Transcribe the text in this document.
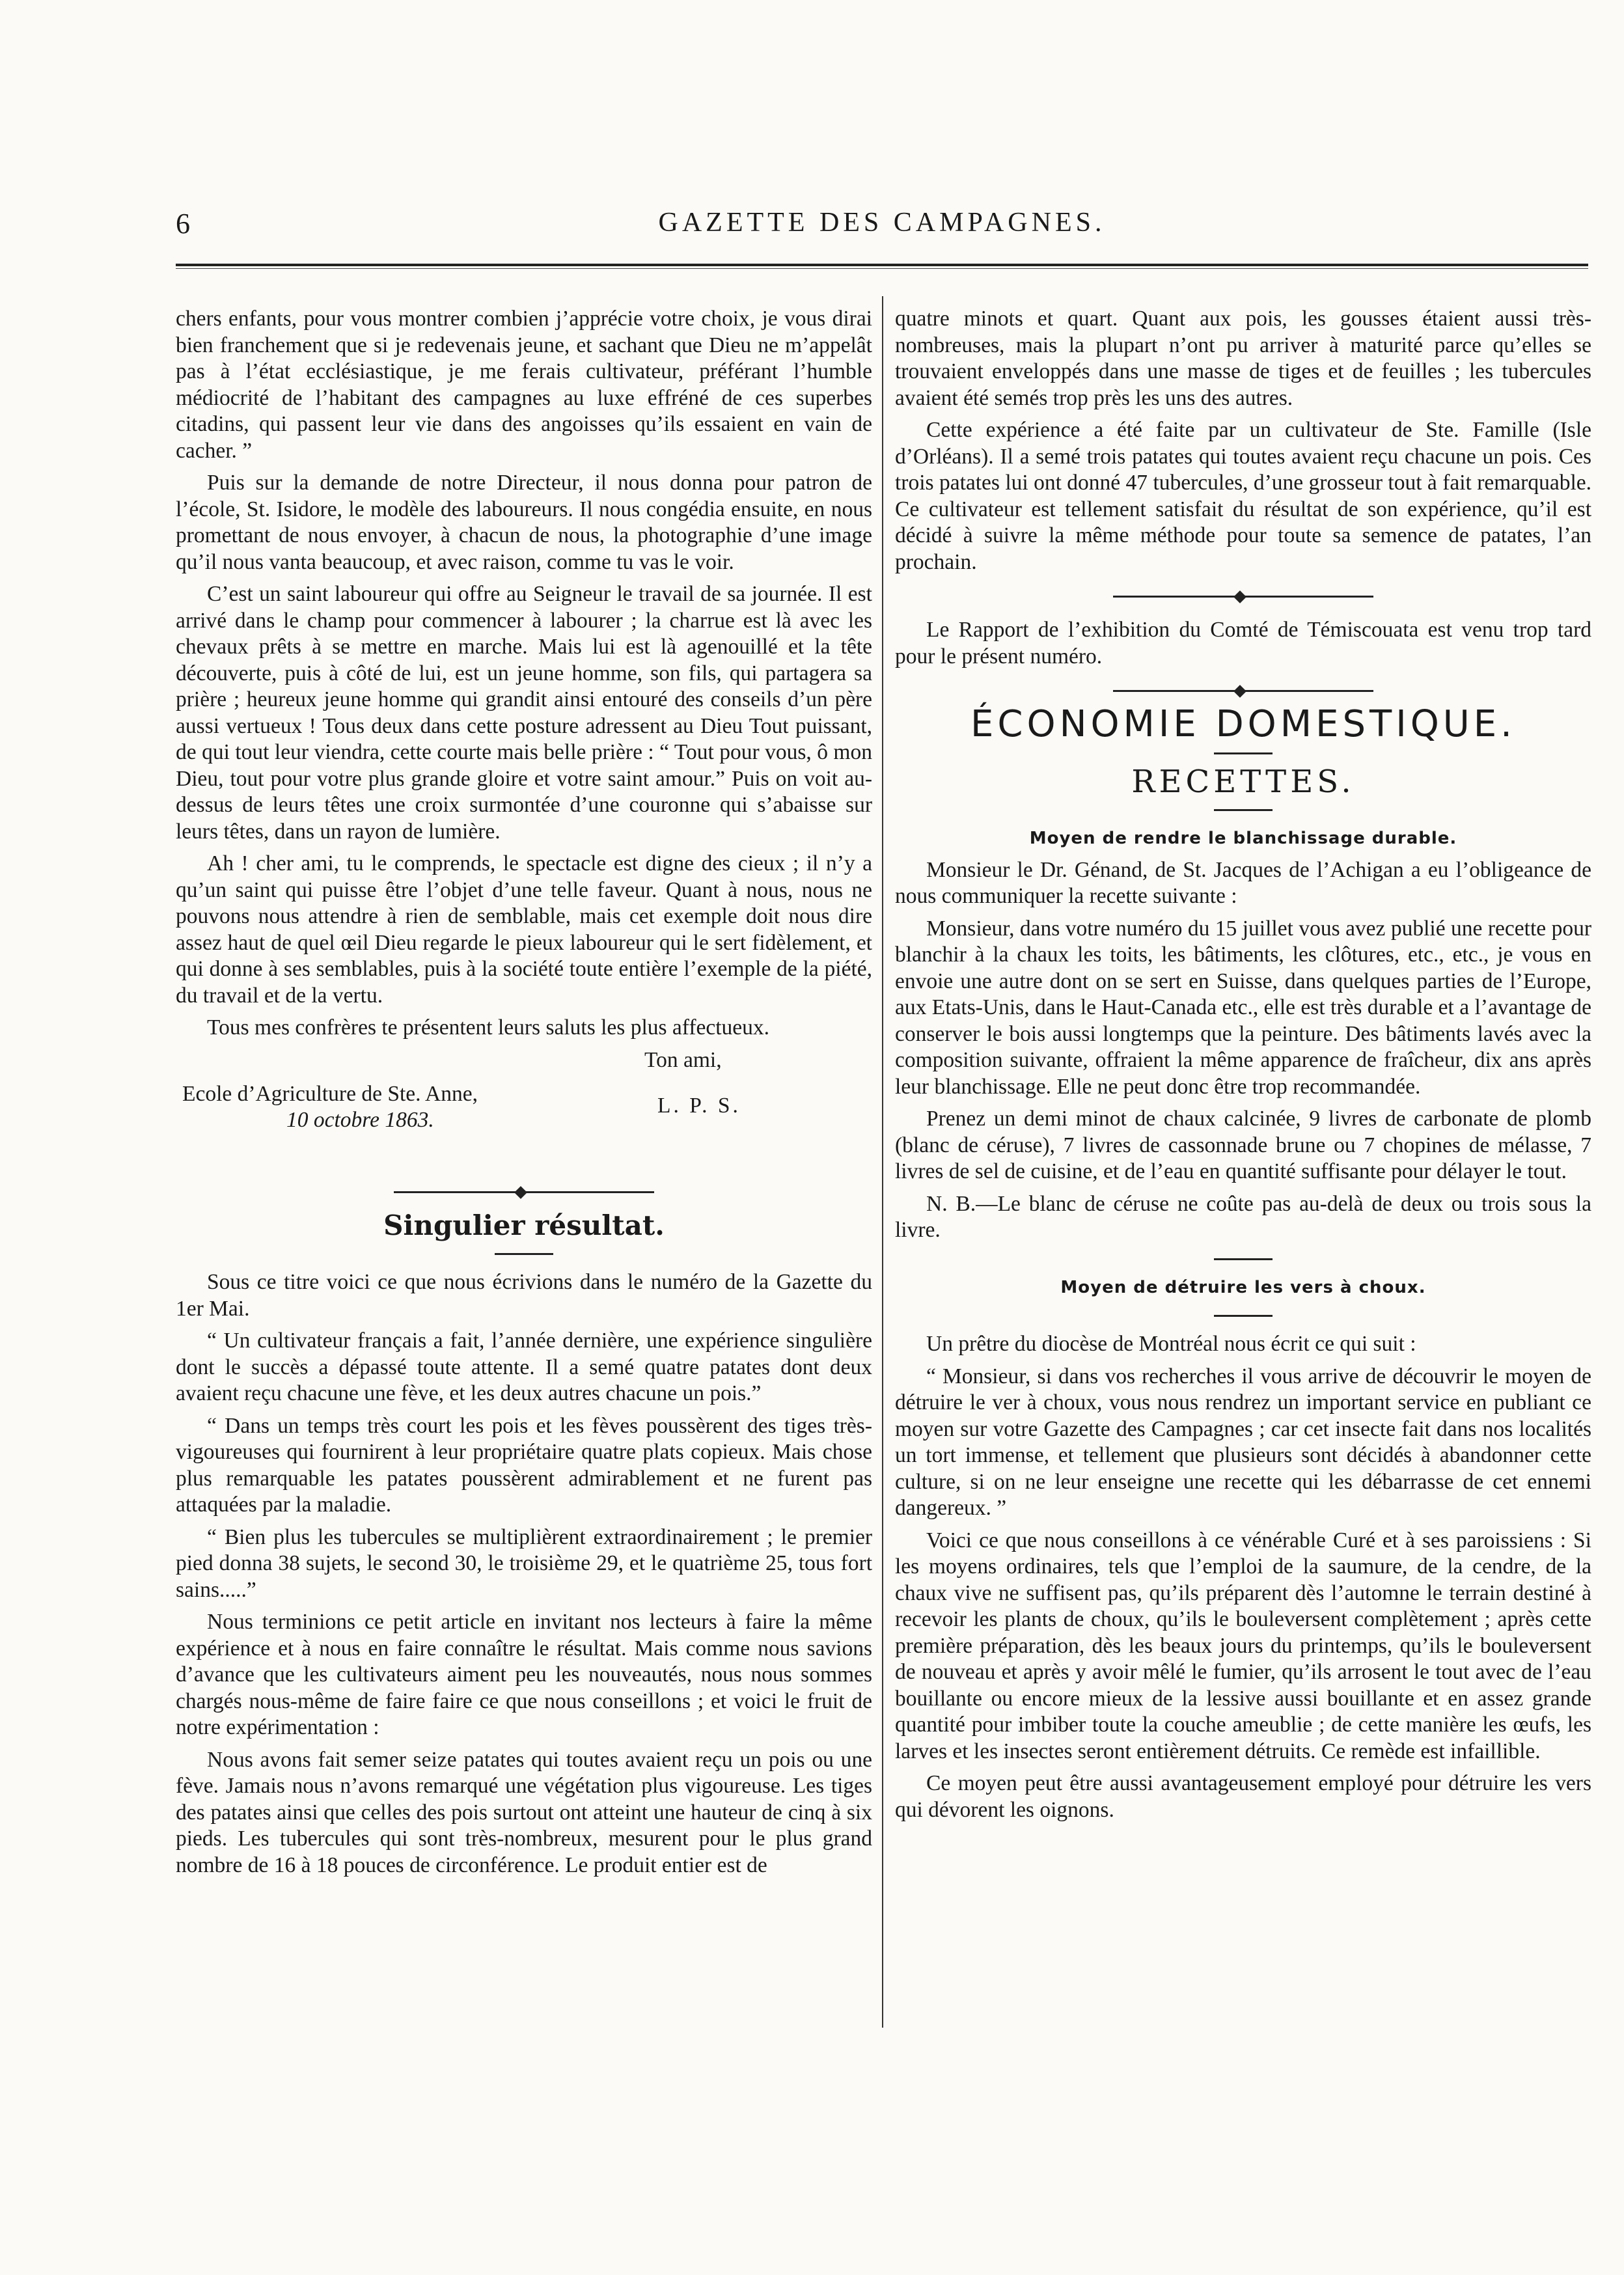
GAZETTE DES CAMPAGNES.
6

chers enfants, pour vous montrer combien j’apprécie votre choix, je vous dirai bien franchement que si je redevenais jeune, et sachant que Dieu ne m’appelât pas à l’état ecclésiastique, je me ferais cultivateur, préférant l’humble médiocrité de l’habitant des campagnes au luxe effréné de ces superbes citadins, qui passent leur vie dans des angoisses qu’ils essaient en vain de cacher. ”

Puis sur la demande de notre Directeur, il nous donna pour patron de l’école, St. Isidore, le modèle des laboureurs. Il nous congédia ensuite, en nous promettant de nous envoyer, à chacun de nous, la photographie d’une image qu’il nous vanta beaucoup, et avec raison, comme tu vas le voir.

C’est un saint laboureur qui offre au Seigneur le travail de sa journée. Il est arrivé dans le champ pour commencer à labourer ; la charrue est là avec les chevaux prêts à se mettre en marche. Mais lui est là agenouillé et la tête découverte, puis à côté de lui, est un jeune homme, son fils, qui partagera sa prière ; heureux jeune homme qui grandit ainsi entouré des conseils d’un père aussi vertueux ! Tous deux dans cette posture adressent au Dieu Tout puissant, de qui tout leur viendra, cette courte mais belle prière : “ Tout pour vous, ô mon Dieu, tout pour votre plus grande gloire et votre saint amour.” Puis on voit au-dessus de leurs têtes une croix surmontée d’une couronne qui s’abaisse sur leurs têtes, dans un rayon de lumière.

Ah ! cher ami, tu le comprends, le spectacle est digne des cieux ; il n’y a qu’un saint qui puisse être l’objet d’une telle faveur. Quant à nous, nous ne pouvons nous attendre à rien de semblable, mais cet exemple doit nous dire assez haut de quel œil Dieu regarde le pieux laboureur qui le sert fidèlement, et qui donne à ses semblables, puis à la société toute entière l’exemple de la piété, du travail et de la vertu.

Tous mes confrères te présentent leurs saluts les plus affectueux.

Ton ami,
Ecole d’Agriculture de Ste. Anne,
10 octobre 1863.
L. P. S.
Singulier résultat.

Sous ce titre voici ce que nous écrivions dans le numéro de la Gazette du 1er Mai.

“ Un cultivateur français a fait, l’année dernière, une expérience singulière dont le succès a dépassé toute attente. Il a semé quatre patates dont deux avaient reçu chacune une fève, et les deux autres chacune un pois.”

“ Dans un temps très court les pois et les fèves poussèrent des tiges très-vigoureuses qui fournirent à leur propriétaire quatre plats copieux. Mais chose plus remarquable les patates poussèrent admirablement et ne furent pas attaquées par la maladie.

“ Bien plus les tubercules se multiplièrent extraordinairement ; le premier pied donna 38 sujets, le second 30, le troisième 29, et le quatrième 25, tous fort sains.....”

Nous terminions ce petit article en invitant nos lecteurs à faire la même expérience et à nous en faire connaître le résultat. Mais comme nous savions d’avance que les cultivateurs aiment peu les nouveautés, nous nous sommes chargés nous-même de faire faire ce que nous conseillons ; et voici le fruit de notre expérimentation :

Nous avons fait semer seize patates qui toutes avaient reçu un pois ou une fève. Jamais nous n’avons remarqué une végétation plus vigoureuse. Les tiges des patates ainsi que celles des pois surtout ont atteint une hauteur de cinq à six pieds. Les tubercules qui sont très-nombreux, mesurent pour le plus grand nombre de 16 à 18 pouces de circonférence. Le produit entier est de

quatre minots et quart. Quant aux pois, les gousses étaient aussi très-nombreuses, mais la plupart n’ont pu arriver à maturité parce qu’elles se trouvaient enveloppés dans une masse de tiges et de feuilles ; les tubercules avaient été semés trop près les uns des autres.

Cette expérience a été faite par un cultivateur de Ste. Famille (Isle d’Orléans). Il a semé trois patates qui toutes avaient reçu chacune un pois. Ces trois patates lui ont donné 47 tubercules, d’une grosseur tout à fait remarquable. Ce cultivateur est tellement satisfait du résultat de son expérience, qu’il est décidé à suivre la même méthode pour toute sa semence de patates, l’an prochain.

Le Rapport de l’exhibition du Comté de Témiscouata est venu trop tard pour le présent numéro.

ÉCONOMIE DOMESTIQUE.
RECETTES.
Moyen de rendre le blanchissage durable.

Monsieur le Dr. Génand, de St. Jacques de l’Achigan a eu l’obligeance de nous communiquer la recette suivante :

Monsieur, dans votre numéro du 15 juillet vous avez publié une recette pour blanchir à la chaux les toits, les bâtiments, les clôtures, etc., etc., je vous en envoie une autre dont on se sert en Suisse, dans quelques parties de l’Europe, aux Etats-Unis, dans le Haut-Canada etc., elle est très durable et a l’avantage de conserver le bois aussi longtemps que la peinture. Des bâtiments lavés avec la composition suivante, offraient la même apparence de fraîcheur, dix ans après leur blanchissage. Elle ne peut donc être trop recommandée.

Prenez un demi minot de chaux calcinée, 9 livres de carbonate de plomb (blanc de céruse), 7 livres de cassonnade brune ou 7 chopines de mélasse, 7 livres de sel de cuisine, et de l’eau en quantité suffisante pour délayer le tout.

N. B.—Le blanc de céruse ne coûte pas au-delà de deux ou trois sous la livre.

Moyen de détruire les vers à choux.

Un prêtre du diocèse de Montréal nous écrit ce qui suit :

“ Monsieur, si dans vos recherches il vous arrive de découvrir le moyen de détruire le ver à choux, vous nous rendrez un important service en publiant ce moyen sur votre Gazette des Campagnes ; car cet insecte fait dans nos localités un tort immense, et tellement que plusieurs sont décidés à abandonner cette culture, si on ne leur enseigne une recette qui les débarrasse de cet ennemi dangereux. ”

Voici ce que nous conseillons à ce vénérable Curé et à ses paroissiens : Si les moyens ordinaires, tels que l’emploi de la saumure, de la cendre, de la chaux vive ne suffisent pas, qu’ils préparent dès l’automne le terrain destiné à recevoir les plants de choux, qu’ils le bouleversent complètement ; après cette première préparation, dès les beaux jours du printemps, qu’ils le bouleversent de nouveau et après y avoir mêlé le fumier, qu’ils arrosent le tout avec de l’eau bouillante ou encore mieux de la lessive aussi bouillante et en assez grande quantité pour imbiber toute la couche ameublie ; de cette manière les œufs, les larves et les insectes seront entièrement détruits. Ce remède est infaillible.

Ce moyen peut être aussi avantageusement employé pour détruire les vers qui dévorent les oignons.
